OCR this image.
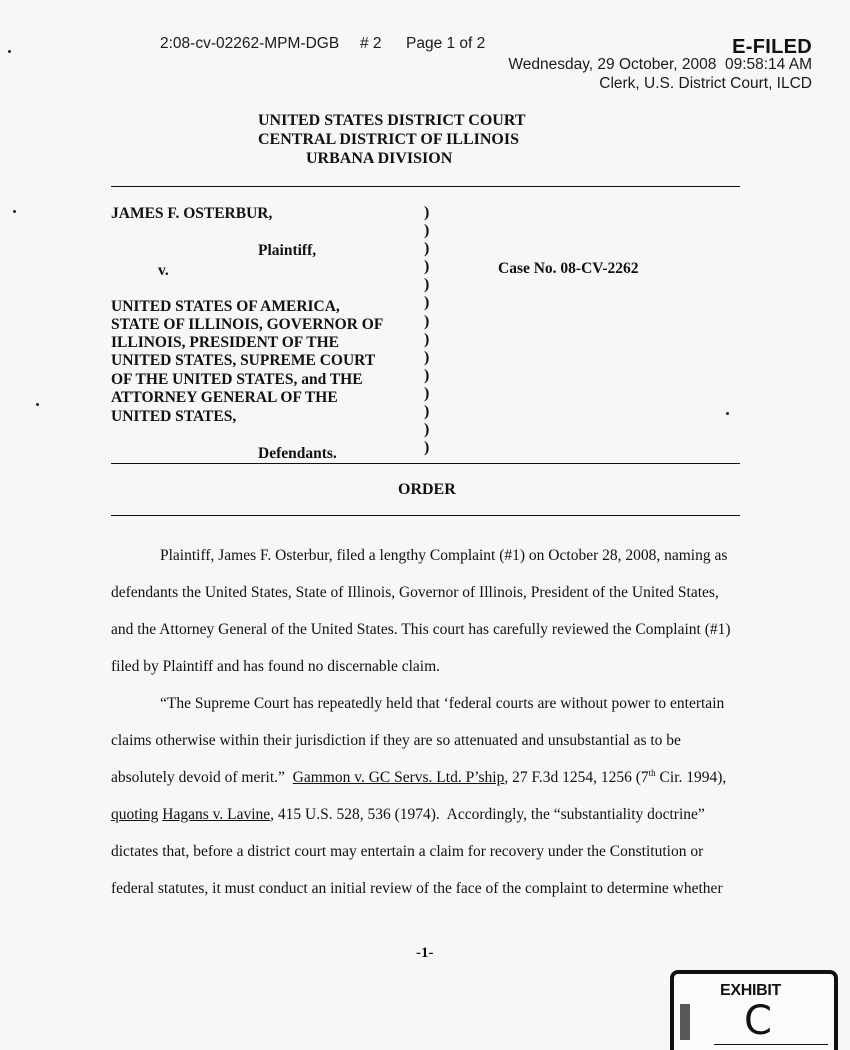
2:08-cv-02262-MPM-DGB # 2 Page 1 of 2	E-FILED
Wednesday, 29 October, 2008  09:58:14 AM
Clerk, U.S. District Court, ILCD
UNITED STATES DISTRICT COURT
CENTRAL DISTRICT OF ILLINOIS
URBANA DIVISION
JAMES F. OSTERBUR,
Plaintiff,
v.
UNITED STATES OF AMERICA,
STATE OF ILLINOIS, GOVERNOR OF
ILLINOIS, PRESIDENT OF THE
UNITED STATES, SUPREME COURT
OF THE UNITED STATES, and THE
ATTORNEY GENERAL OF THE
UNITED STATES,
Defendants.
)
)
)
)
)
)
)
)
)
)
)
)
)
)
Case No. 08-CV-2262
ORDER
Plaintiff, James F. Osterbur, filed a lengthy Complaint (#1) on October 28, 2008, naming as
defendants the United States, State of Illinois, Governor of Illinois, President of the United States,
and the Attorney General of the United States. This court has carefully reviewed the Complaint (#1)
filed by Plaintiff and has found no discernable claim.
“The Supreme Court has repeatedly held that ‘federal courts are without power to entertain
claims otherwise within their jurisdiction if they are so attenuated and unsubstantial as to be
absolutely devoid of merit.”  Gammon v. GC Servs. Ltd. P’ship, 27 F.3d 1254, 1256 (7th Cir. 1994),
quoting Hagans v. Lavine, 415 U.S. 528, 536 (1974).  Accordingly, the “substantiality doctrine”
dictates that, before a district court may entertain a claim for recovery under the Constitution or
federal statutes, it must conduct an initial review of the face of the complaint to determine whether
-1-
EXHIBIT
C
